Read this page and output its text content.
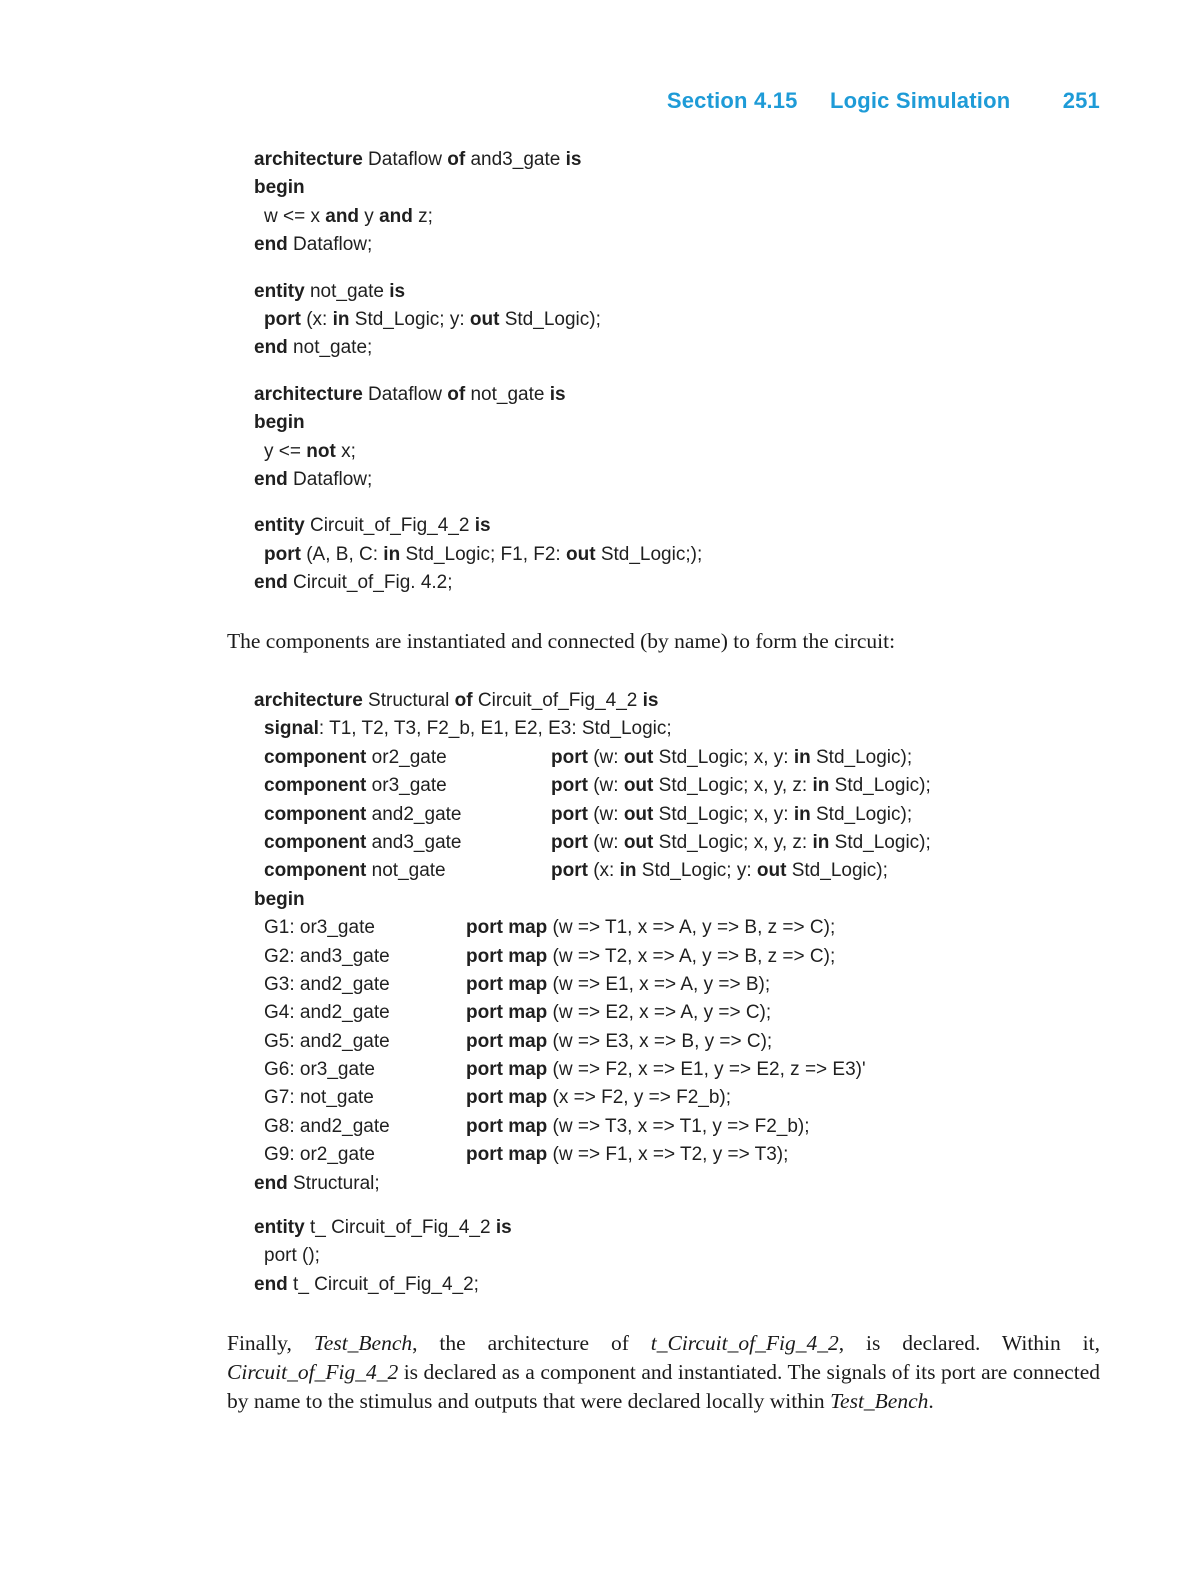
Section 4.15 Logic Simulation 251
architecture Dataflow of and3_gate is
begin
w <= x and y and z;
end Dataflow;
entity not_gate is
port (x: in Std_Logic; y: out Std_Logic);
end not_gate;
architecture Dataflow of not_gate is
begin
y <= not x;
end Dataflow;
entity Circuit_of_Fig_4_2 is
port (A, B, C: in Std_Logic; F1, F2: out Std_Logic;);
end Circuit_of_Fig. 4.2;

The components are instantiated and connected (by name) to form the circuit:

architecture Structural of Circuit_of_Fig_4_2 is
signal: T1, T2, T3, F2_b, E1, E2, E3: Std_Logic;
component or2_gate	port (w: out Std_Logic; x, y: in Std_Logic);
component or3_gate	port (w: out Std_Logic; x, y, z: in Std_Logic);
component and2_gate	port (w: out Std_Logic; x, y: in Std_Logic);
component and3_gate	port (w: out Std_Logic; x, y, z: in Std_Logic);
component not_gate	port (x: in Std_Logic; y: out Std_Logic);
begin
G1: or3_gate	port map (w => T1, x => A, y => B, z => C);
G2: and3_gate	port map (w => T2, x => A, y => B, z => C);
G3: and2_gate	port map (w => E1, x => A, y => B);
G4: and2_gate	port map (w => E2, x => A, y => C);
G5: and2_gate	port map (w => E3, x => B, y => C);
G6: or3_gate	port map (w => F2, x => E1, y => E2, z => E3)'
G7: not_gate	port map (x => F2, y => F2_b);
G8: and2_gate	port map (w => T3, x => T1, y => F2_b);
G9: or2_gate	port map (w => F1, x => T2, y => T3);
end Structural;
entity t_ Circuit_of_Fig_4_2 is
port ();
end t_ Circuit_of_Fig_4_2;

Finally, Test_Bench, the architecture of t_Circuit_of_Fig_4_2, is declared. Within it, Circuit_of_Fig_4_2 is declared as a component and instantiated. The signals of its port are connected by name to the stimulus and outputs that were declared locally within Test_Bench.
